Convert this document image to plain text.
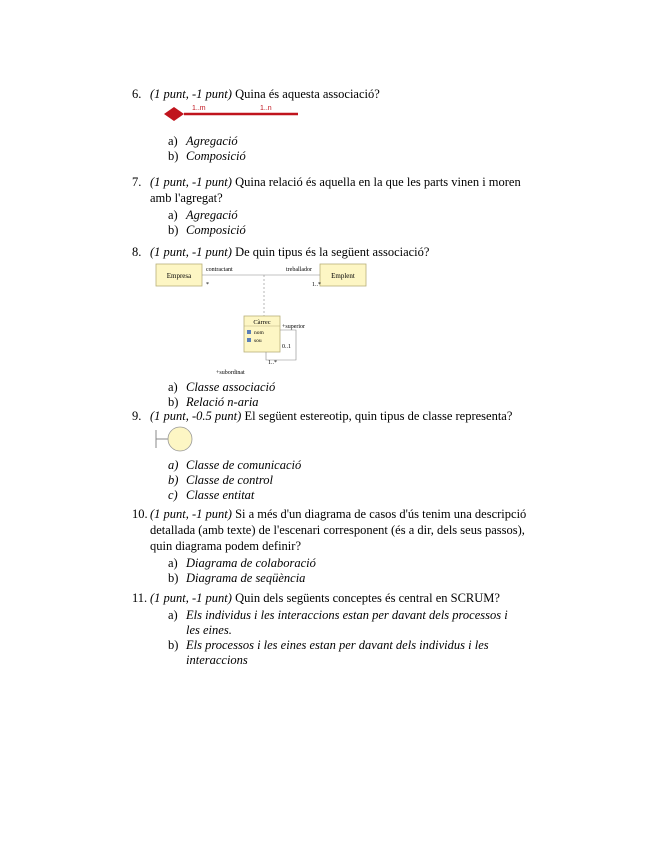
6. (1 punt, -1 punt) Quina és aquesta associació?
1..m	1..n
a) Agregació
b) Composició
7. (1 punt, -1 punt) Quina relació és aquella en la que les parts vinen i moren amb l'agregat?
a) Agregació
b) Composició
8. (1 punt, -1 punt) De quin tipus és la següent associació?
Empresa	Emplent
contractant	treballador
*	1..*
Càrrec
nom
sou
+superior
0..1
1..*
+subordinat
a) Classe associació
b) Relació n-aria
9. (1 punt, -0.5 punt) El següent estereotip, quin tipus de classe representa?
a) Classe de comunicació
b) Classe de control
c) Classe entitat
10. (1 punt, -1 punt) Si a més d'un diagrama de casos d'ús tenim una descripció detallada (amb texte) de l'escenari corresponent (és a dir, dels seus passos), quin diagrama podem definir?
a) Diagrama de colaboració
b) Diagrama de seqüència
11. (1 punt, -1 punt) Quin dels següents conceptes és central en SCRUM?
a) Els individus i les interaccions estan per davant dels processos i les eines.
b) Els processos i les eines estan per davant dels individus i les interaccions
